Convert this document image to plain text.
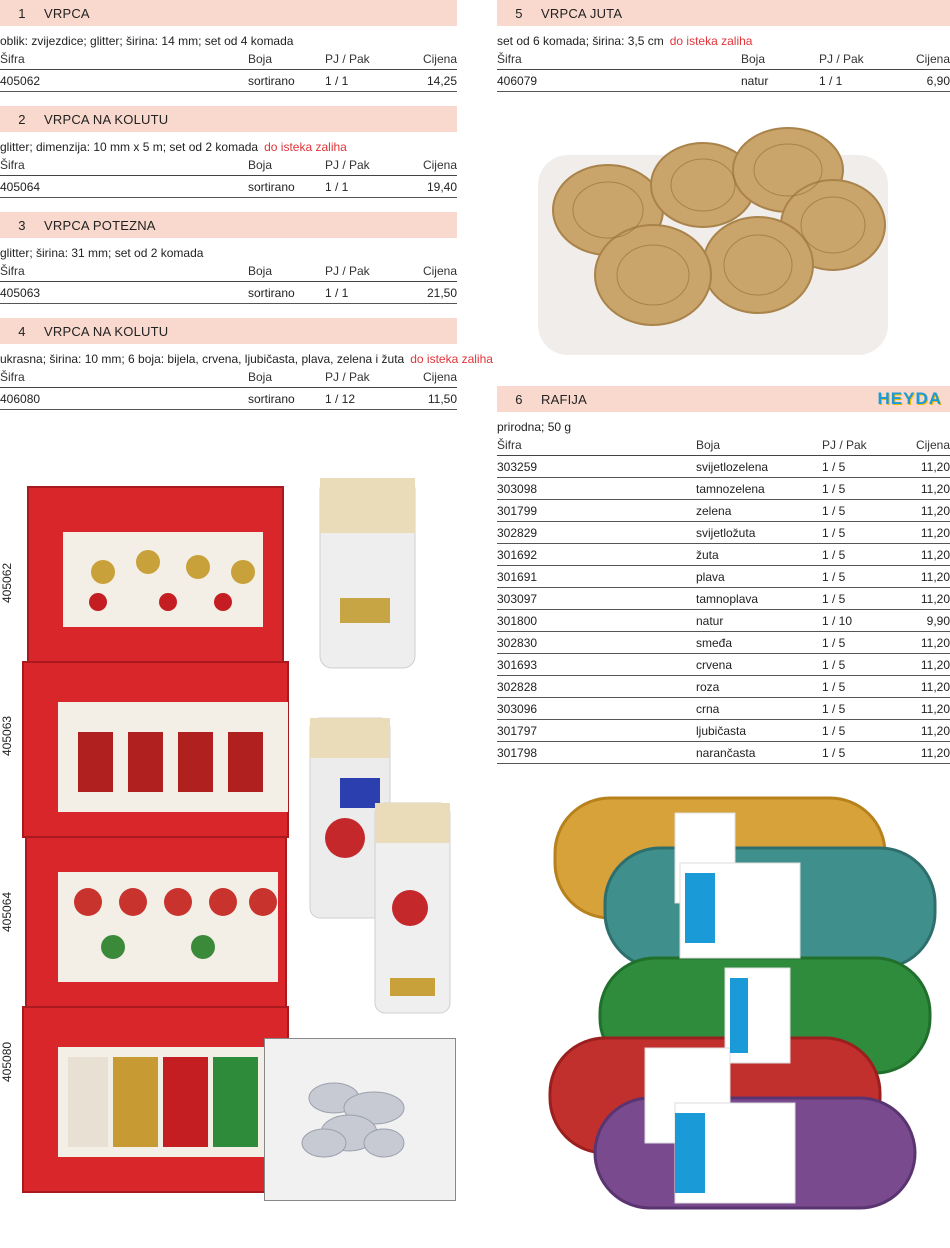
1	VRPCA
oblik: zvijezdice; glitter; širina: 14 mm; set od 4 komada
Šifra	Boja	PJ / Pak	Cijena
405062	sortirano	1 / 1	14,25
2	VRPCA NA KOLUTU
glitter; dimenzija: 10 mm x 5 m; set od 2 komada do isteka zaliha
Šifra	Boja	PJ / Pak	Cijena
405064	sortirano	1 / 1	19,40
3	VRPCA POTEZNA
glitter; širina: 31 mm; set od 2 komada
Šifra	Boja	PJ / Pak	Cijena
405063	sortirano	1 / 1	21,50
4	VRPCA NA KOLUTU
ukrasna; širina: 10 mm; 6 boja: bijela, crvena, ljubičasta, plava, zelena i žuta do isteka zaliha
Šifra	Boja	PJ / Pak	Cijena
406080	sortirano	1 / 12	11,50
5	VRPCA JUTA
set od 6 komada; širina: 3,5 cm do isteka zaliha
Šifra	Boja	PJ / Pak	Cijena
406079	natur	1 / 1	6,90
6	RAFIJA	HEYDA
prirodna; 50 g
Šifra	Boja	PJ / Pak	Cijena
303259	svijetlozelena	1 / 5	11,20
303098	tamnozelena	1 / 5	11,20
301799	zelena	1 / 5	11,20
302829	svijetložuta	1 / 5	11,20
301692	žuta	1 / 5	11,20
301691	plava	1 / 5	11,20
303097	tamnoplava	1 / 5	11,20
301800	natur	1 / 10	9,90
302830	smeđa	1 / 5	11,20
301693	crvena	1 / 5	11,20
302828	roza	1 / 5	11,20
303096	crna	1 / 5	11,20
301797	ljubičasta	1 / 5	11,20
301798	narančasta	1 / 5	11,20
405062
405063
405064
405080
